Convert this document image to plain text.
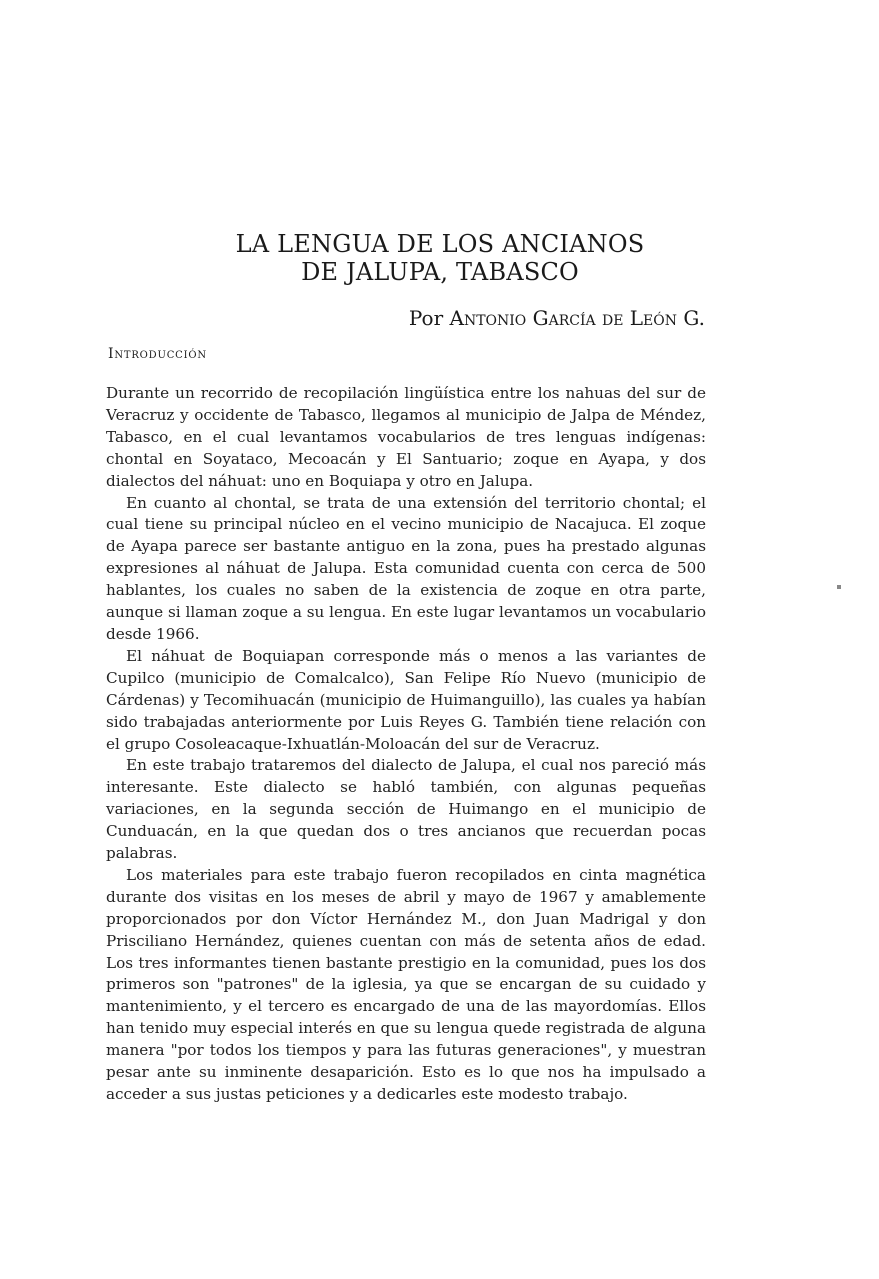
LA LENGUA DE LOS ANCIANOS
DE JALUPA, TABASCO
Por Antonio García de León G.
Introducción

Durante un recorrido de recopilación lingüística entre los nahuas del sur de Veracruz y occidente de Tabasco, llegamos al municipio de Jalpa de Méndez, Tabasco, en el cual levantamos vocabularios de tres lenguas indígenas: chontal en Soyataco, Mecoacán y El Santuario; zoque en Ayapa, y dos dialectos del náhuat: uno en Boquiapa y otro en Jalupa.

En cuanto al chontal, se trata de una extensión del territorio chontal; el cual tiene su principal núcleo en el vecino municipio de Nacajuca. El zoque de Ayapa parece ser bastante antiguo en la zona, pues ha prestado algunas expresiones al náhuat de Jalupa. Esta comunidad cuenta con cerca de 500 hablantes, los cuales no saben de la existencia de zoque en otra parte, aunque si llaman zoque a su lengua. En este lugar levantamos un vocabulario desde 1966.

El náhuat de Boquiapan corresponde más o menos a las variantes de Cupilco (municipio de Comalcalco), San Felipe Río Nuevo (municipio de Cárdenas) y Tecomihuacán (municipio de Huimanguillo), las cuales ya habían sido trabajadas anteriormente por Luis Reyes G. También tiene relación con el grupo Cosoleacaque-Ixhuatlán-Moloacán del sur de Veracruz.

En este trabajo trataremos del dialecto de Jalupa, el cual nos pareció más interesante. Este dialecto se habló también, con algunas pequeñas variaciones, en la segunda sección de Huimango en el municipio de Cunduacán, en la que quedan dos o tres ancianos que recuerdan pocas palabras.

Los materiales para este trabajo fueron recopilados en cinta magnética durante dos visitas en los meses de abril y mayo de 1967 y amablemente proporcionados por don Víctor Hernández M., don Juan Madrigal y don Prisciliano Hernández, quienes cuentan con más de setenta años de edad. Los tres informantes tienen bastante prestigio en la comunidad, pues los dos primeros son "patrones" de la iglesia, ya que se encargan de su cuidado y mantenimiento, y el tercero es encargado de una de las mayordomías. Ellos han tenido muy especial interés en que su lengua quede registrada de alguna manera "por todos los tiempos y para las futuras generaciones", y muestran pesar ante su inminente desaparición. Esto es lo que nos ha impulsado a acceder a sus justas peticiones y a dedicarles este modesto trabajo.
